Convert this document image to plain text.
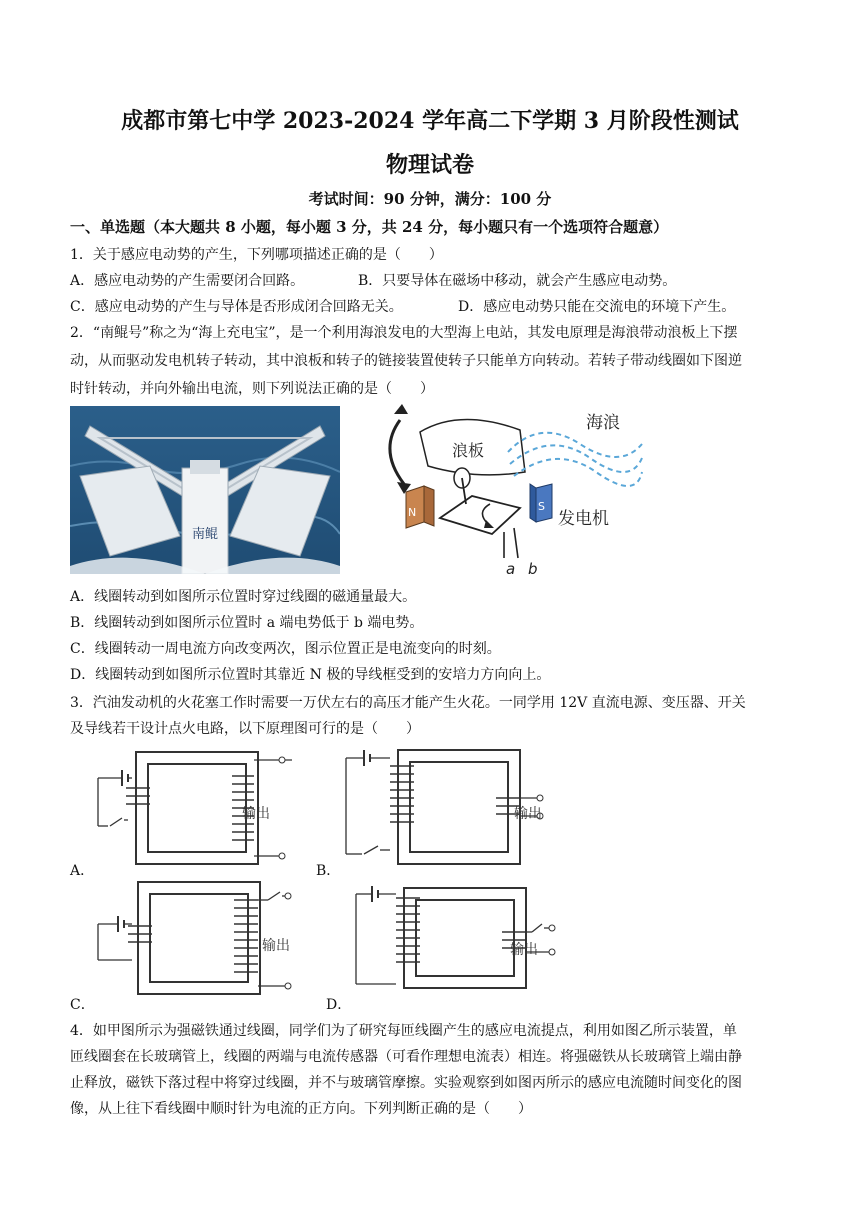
成都市第七中学 2023-2024 学年高二下学期 3 月阶段性测试
物理试卷
考试时间：90 分钟，满分：100 分
一、单选题（本大题共 8 小题，每小题 3 分，共 24 分，每小题只有一个选项符合题意）
1．关于感应电动势的产生，下列哪项描述正确的是（　　）
A．感应电动势的产生需要闭合回路。	B．只要导体在磁场中移动，就会产生感应电动势。
C．感应电动势的产生与导体是否形成闭合回路无关。	D．感应电动势只能在交流电的环境下产生。
2．“南鲲号”称之为“海上充电宝”，是一个利用海浪发电的大型海上电站，其发电原理是海浪带动浪板上下摆
动，从而驱动发电机转子转动，其中浪板和转子的链接装置使转子只能单方向转动。若转子带动线圈如下图逆
时针转动，并向外输出电流，则下列说法正确的是（　　）
南鲲
浪板
海浪
N	S
发电机
a b
A．线圈转动到如图所示位置时穿过线圈的磁通量最大。
B．线圈转动到如图所示位置时 a 端电势低于 b 端电势。
C．线圈转动一周电流方向改变两次，图示位置正是电流变向的时刻。
D．线圈转动到如图所示位置时其靠近 N 极的导线框受到的安培力方向向上。
3．汽油发动机的火花塞工作时需要一万伏左右的高压才能产生火花。一同学用 12V 直流电源、变压器、开关
及导线若干设计点火电路，以下原理图可行的是（　　）
输出
A．
输出
B．
输出
C．
输出
D．
4．如甲图所示为强磁铁通过线圈，同学们为了研究每匝线圈产生的感应电流提点，利用如图乙所示装置，单
匝线圈套在长玻璃管上，线圈的两端与电流传感器（可看作理想电流表）相连。将强磁铁从长玻璃管上端由静
止释放，磁铁下落过程中将穿过线圈，并不与玻璃管摩擦。实验观察到如图丙所示的感应电流随时间变化的图
像，从上往下看线圈中顺时针为电流的正方向。下列判断正确的是（　　）
